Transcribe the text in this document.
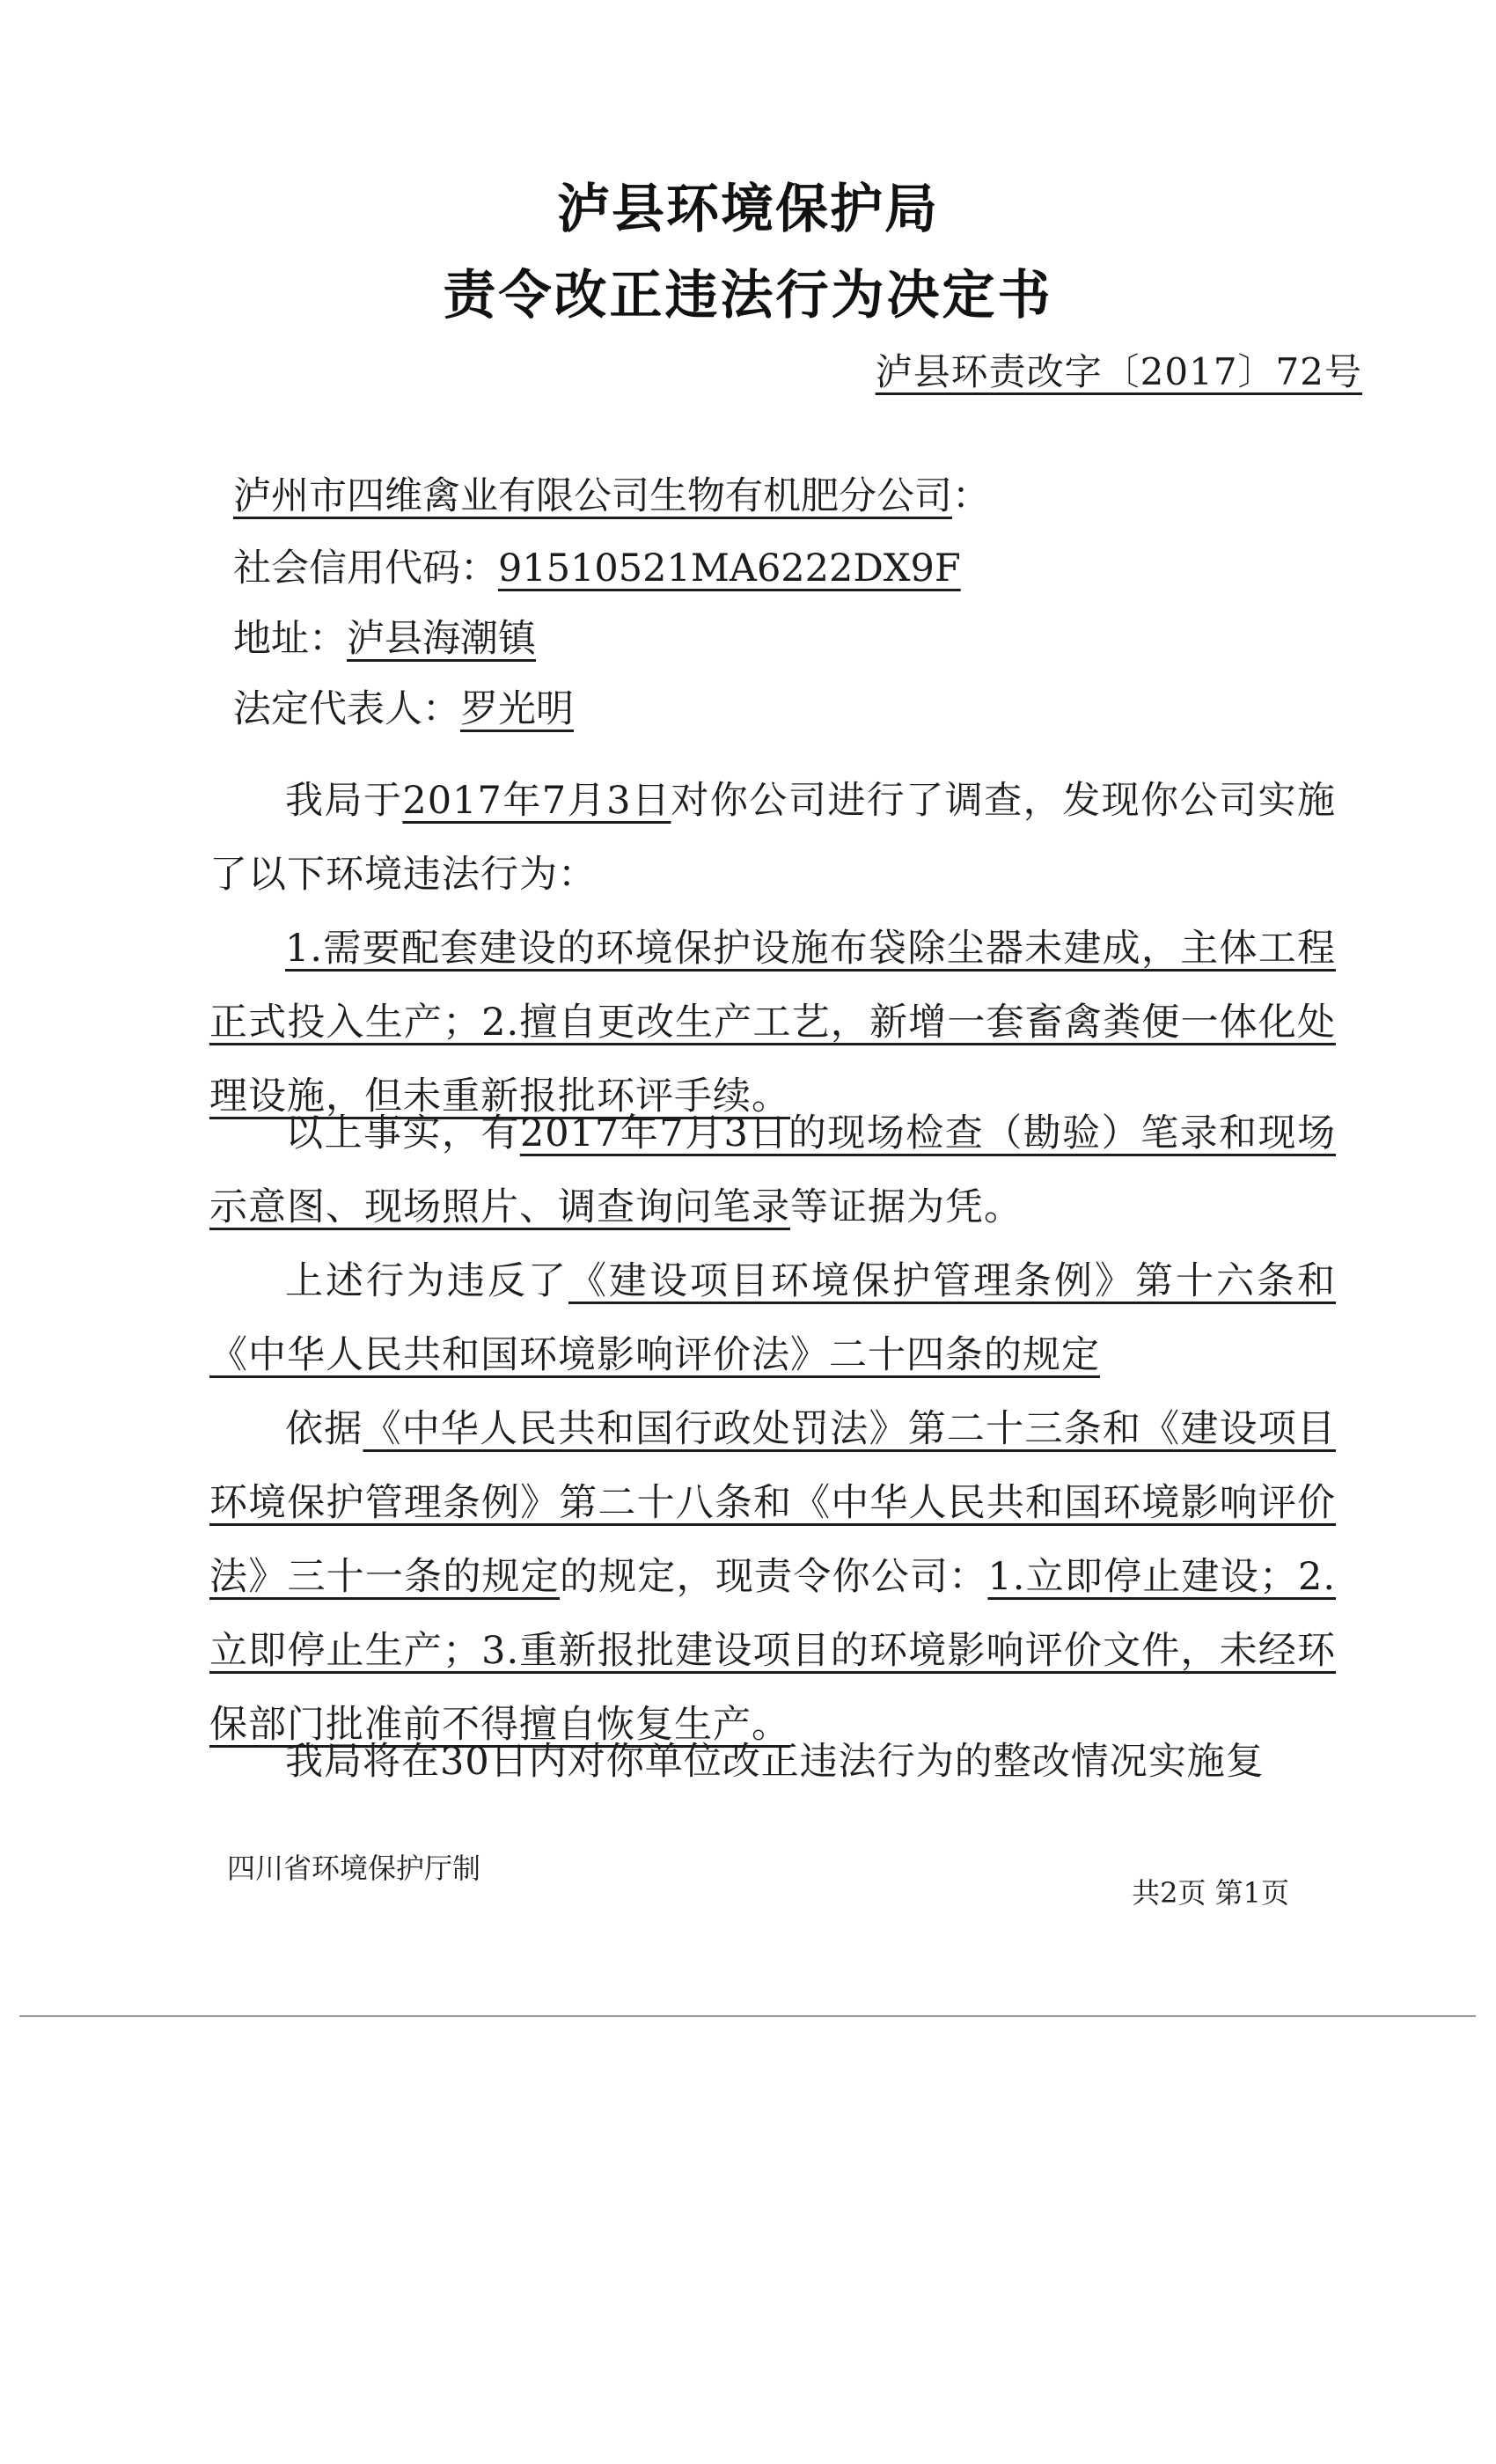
泸县环境保护局
责令改正违法行为决定书
泸县环责改字〔2017〕72号
泸州市四维禽业有限公司生物有机肥分公司：
社会信用代码：91510521MA6222DX9F
地址：泸县海潮镇
法定代表人：罗光明
我局于2017年7月3日对你公司进行了调查，发现你公司实施了以下环境违法行为：
1.需要配套建设的环境保护设施布袋除尘器未建成，主体工程正式投入生产；2.擅自更改生产工艺，新增一套畜禽粪便一体化处理设施，但未重新报批环评手续。
以上事实，有2017年7月3日的现场检查（勘验）笔录和现场示意图、现场照片、调查询问笔录等证据为凭。
上述行为违反了《建设项目环境保护管理条例》第十六条和《中华人民共和国环境影响评价法》二十四条的规定
依据《中华人民共和国行政处罚法》第二十三条和《建设项目环境保护管理条例》第二十八条和《中华人民共和国环境影响评价法》三十一条的规定的规定，现责令你公司：1.立即停止建设；2.立即停止生产；3.重新报批建设项目的环境影响评价文件，未经环保部门批准前不得擅自恢复生产。
我局将在30日内对你单位改正违法行为的整改情况实施复
四川省环境保护厅制
共2页 第1页
